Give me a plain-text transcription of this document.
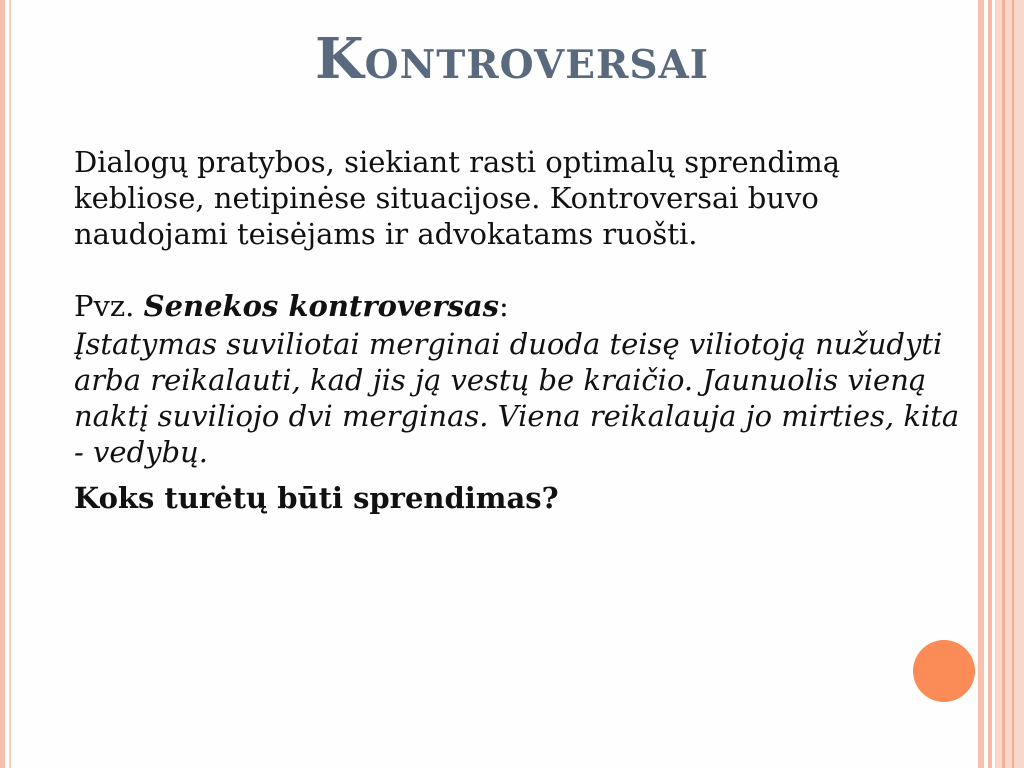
Kontroversai

Dialogų pratybos, siekiant rasti optimalų sprendimą kebliose, netipinėse situacijose. Kontroversai buvo naudojami teisėjams ir advokatams ruošti.

Pvz. Senekos kontroversas:

Įstatymas suviliotai merginai duoda teisę viliotoją nužudyti arba reikalauti, kad jis ją vestų be kraičio. Jaunuolis vieną naktį suviliojo dvi merginas. Viena reikalauja jo mirties, kita - vedybų.

Koks turėtų būti sprendimas?
